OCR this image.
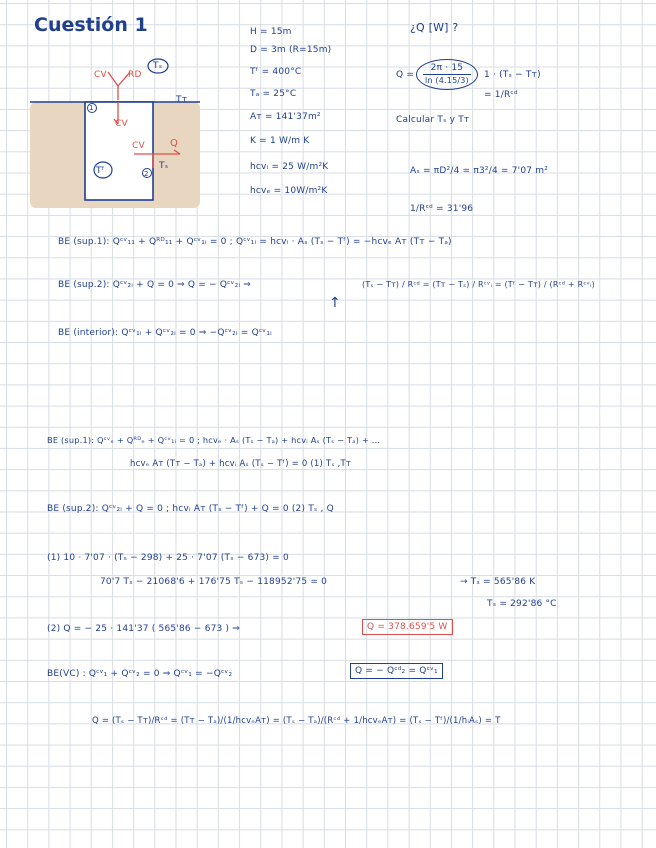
Cuestión 1
CV RD
Tₛ
Tᴛ
1
CV
CV	Q
Tₛ
Tᶠ	2
H = 15m
D = 3m (R=15m)
Tᶠ = 400°C
Tₐ = 25°C
Aᴛ = 141'37m²
K = 1 W/m K
hᴄᴠᵢ = 25 W/m²K
hᴄᴠₑ = 10W/m²K
¿Q [W] ?
$Q = \frac{2\pi \cdot 15}{\ln (4.15/3)} 1 \cdot (T_s$ − Tᴛ)
= 1/Rᶜᵈ
Calcular Tₛ y Tᴛ
Aₛ = πD²/4 = π3²/4 = 7'07 m²
1/Rᶜᵈ = 31'96
BE (sup.1): Qᶜᵛ₁₁ + Qᴿᴰ₁₁ + Qᶜᵛ₁ᵢ = 0 ; Qᶜᵛ₁ᵢ = hᴄᴠᵢ · Aₛ (Tₛ − Tᶠ) = −hᴄᴠₑ Aᴛ (Tᴛ − Tₐ)
BE (sup.2): Qᶜᵛ₂ᵢ + Q = 0 ⇒ Q = − Qᶜᵛ₂ᵢ ⇒	(Tₛ − Tᴛ) / Rᶜᵈ = (Tᴛ − Tₛ) / Rᶜᵛᵢ = (Tᶠ − Tᴛ) / (Rᶜᵈ + Rᶜᵛᵢ)
↑
BE (interior): Qᶜᵛ₁ᵢ + Qᶜᵛ₂ᵢ = 0 ⇒ −Qᶜᵛ₂ᵢ = Qᶜᵛ₁ᵢ
BE (sup.1): Qᶜᵛₑ + Qᴿᴰₑ + Qᶜᵛ₁ᵢ = 0 ; hᴄᴠₑ · Aₛ (Tₛ − Tₐ) + hᴄᴠᵢ Aₛ (Tₛ − Tₐ) + ...
hᴄᴠₑ Aᴛ (Tᴛ − Tₐ) + hᴄᴠᵢ Aₛ (Tₛ − Tᶠ) = 0 (1) Tₛ ,Tᴛ
BE (sup.2): Qᶜᵛ₂ᵢ + Q = 0 ; hᴄᴠᵢ Aᴛ (Tₛ − Tᶠ) + Q = 0 (2) Tₛ , Q
(1) 10 · 7'07 · (Tₛ − 298) + 25 · 7'07 (Tₛ − 673) = 0
70'7 Tₛ − 21068'6 + 176'75 Tₛ − 118952'75 = 0	→ Tₛ = 565'86 K
Tₛ = 292'86 °C
(2) Q = − 25 · 141'37 ( 565'86 − 673 ) ⇒	Q = 378.659'5 W
BE(VC) : Qᶜᵛ₁ + Qᶜᵛ₂ = 0 ⇒ Qᶜᵛ₁ = −Qᶜᵛ₂	Q = − Qᶜᵈ₂ = Qᶜᵛ₁
Q = (Tₛ − Tᴛ)/Rᶜᵈ = (Tᴛ − Tₐ)/(1/hᴄᴠₑAᴛ) = (Tₛ − Tₐ)/(Rᶜᵈ + 1/hᴄᴠₑAᴛ) = (Tₛ − Tᶠ)/(1/hᵢAₛ) = T
